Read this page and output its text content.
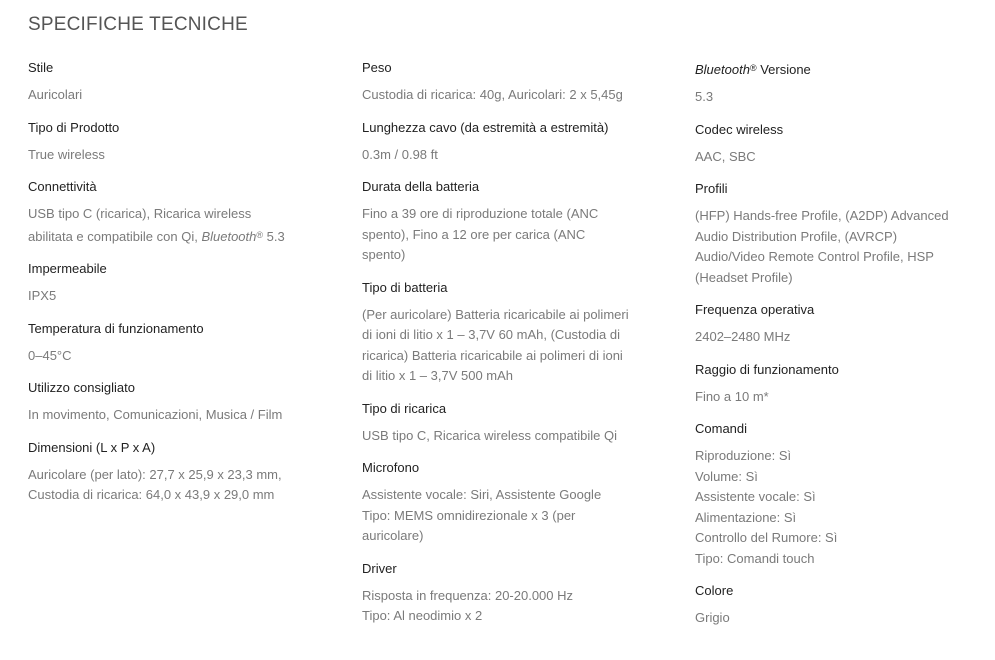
SPECIFICHE TECNICHE
Stile
Auricolari
Tipo di Prodotto
True wireless
Connettività
USB tipo C (ricarica), Ricarica wireless
abilitata e compatibile con Qi, Bluetooth® 5.3
Impermeabile
IPX5
Temperatura di funzionamento
0–45°C
Utilizzo consigliato
In movimento, Comunicazioni, Musica / Film
Dimensioni (L x P x A)
Auricolare (per lato): 27,7 x 25,9 x 23,3 mm,
Custodia di ricarica: 64,0 x 43,9 x 29,0 mm
Peso
Custodia di ricarica: 40g, Auricolari: 2 x 5,45g
Lunghezza cavo (da estremità a estremità)
0.3m / 0.98 ft
Durata della batteria
Fino a 39 ore di riproduzione totale (ANC
spento), Fino a 12 ore per carica (ANC
spento)
Tipo di batteria
(Per auricolare) Batteria ricaricabile ai polimeri
di ioni di litio x 1 – 3,7V 60 mAh, (Custodia di
ricarica) Batteria ricaricabile ai polimeri di ioni
di litio x 1 – 3,7V 500 mAh
Tipo di ricarica
USB tipo C, Ricarica wireless compatibile Qi
Microfono
Assistente vocale: Siri, Assistente Google
Tipo: MEMS omnidirezionale x 3 (per
auricolare)
Driver
Risposta in frequenza: 20-20.000 Hz
Tipo: Al neodimio x 2
Bluetooth® Versione
5.3
Codec wireless
AAC, SBC
Profili
(HFP) Hands-free Profile, (A2DP) Advanced
Audio Distribution Profile, (AVRCP)
Audio/Video Remote Control Profile, HSP
(Headset Profile)
Frequenza operativa
2402–2480 MHz
Raggio di funzionamento
Fino a 10 m*
Comandi
Riproduzione: Sì
Volume: Sì
Assistente vocale: Sì
Alimentazione: Sì
Controllo del Rumore: Sì
Tipo: Comandi touch
Colore
Grigio
